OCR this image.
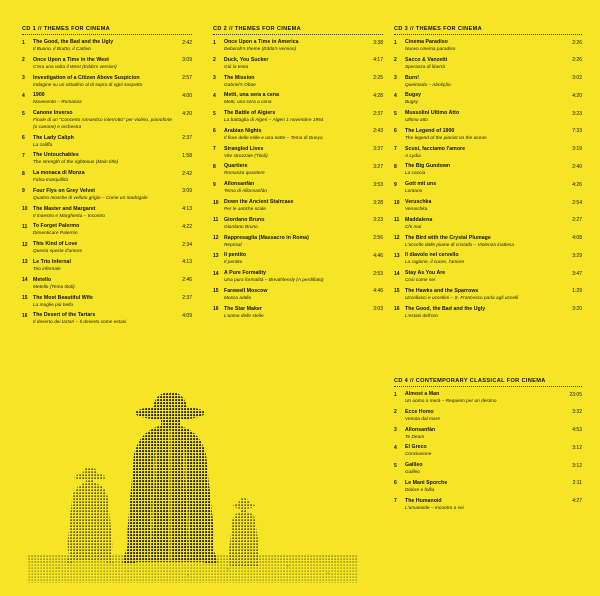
CD 1 // THEMES FOR CINEMA
1	The Good, the Bad and the Ugly
Il Buono, il Brutto, il Cattivo
2:42
2	Once Upon a Time in the West
C'era una volta il West (Edda's version)
3:09
3	Investigation of a Citizen Above Suspicion
Indagine su un cittadino al di sopra di ogni sospetto
2:57
4	1900
Novecento – Romanza
4:00
5	Canone Inverso
Finale di un "Concerto romantico interrotto" per violino, pianoforte (o canone) e orchestra
4:20
6	The Lady Caliph
La califfa
2:37
7	The Untouchables
The strength of the righteous (Main title)
1:58
8	La monaca di Monza
Falsa tranquillità
2:42
9	Four Flys on Grey Velvet
Quattro mosche di velluto grigio – Come un madrigale
3:09
10	The Master and Margaret
Il maestro e Margherita – Incontro
4:13
11	To Forget Palermo
Dimenticare Palermo
4:22
12	This Kind of Love
Questa specie d'amore
2:34
13	Le Trio Infernal
Trio infernale
4:13
14	Metello
Metello (Tema titoli)
2:46
15	The Most Beautiful Wife
La moglie più bella
2:37
16	The Desert of the Tartars
Il deserto dei tartari – Il deserto come estasi
4:09
CD 2 // THEMES FOR CINEMA
1	Once Upon a Time in America
Deborah's theme (Edda's version)
3:38
2	Duck, You Sucker
Giù la testa
4:17
3	The Mission
Gabriel's Oboe
2:25
4	Metti, una sera a cena
Metti, una sera a cena
4:28
5	The Battle of Algiers
La battaglia di Algeri – Algeri 1 novembre 1954
2:37
6	Arabian Nights
Il fiore delle mille e una notte – Tema di Dunya
2:43
7	Strangled Lives
Vite strozzate (Titoli)
3:37
8	Quartiere
Romanza quartiere
3:27
9	Allonsanfàn
Tema di Allonsanfàn
3:53
10	Down the Ancient Staircase
Per le antiche scale
3:28
11	Giordano Bruno
Giordano Bruno
3:23
12	Rappresaglia (Massacro in Roma)
Reprisal
2:56
13	Il pentito
Il pentito
4:46
14	A Pure Formality
Una pura formalità – Breathlessly (A perdifiato)
2:53
15	Farewell Moscow
Mosca addio
4:46
16	The Star Maker
L'uomo delle stelle
3:03
CD 3 // THEMES FOR CINEMA
1	Cinema Paradiso
Nuovo cinema paradiso
2:26
2	Sacco & Vanzetti
Speranza di libertà
2:26
3	Burn!
Queimada – Abolição
3:02
4	Bugsy
Bugsy
4:20
5	Mussolini Ultimo Atto
Ultimo atto
3:23
6	The Legend of 1900
The legend of the pianist on the ocean
7:33
7	Scusi, facciamo l'amore
A Lydia
3:19
8	The Big Gundown
La caccia
2:40
9	Gott mit uns
Lontano
4:26
10	Veruschka
Veruschka
2:54
11	Maddalena
Chi mai
2:27
12	The Bird with the Crystal Plumage
L'uccello dalle piume di cristallo – Violenza inattesa
4:08
13	Il diavolo nel cervello
La ragione, il cuore, l'amore
3:29
14	Stay As You Are
Cosi come sei
3:47
15	The Hawks and the Sparrows
Uccellacci e uccellini – S. Francesco parla agli uccelli
1:29
16	The Good, the Bad and the Ugly
L'estasi dell'oro
3:20
CD 4 // CONTEMPORARY CLASSICAL FOR CINEMA
1	Almost a Man
Un uomo a metà – Requiem per un destino
23:05
2	Ecce Homo
Venuta dal mare
3:32
3	Allonsanfàn
Te Deum
4:53
4	El Greco
Conclusione
3:12
5	Galileo
Galileo
3:12
6	Le Mani Sporche
Dolore e follia
2:11
7	The Humanoid
L'umanoide – Incontro a sei
4:27
